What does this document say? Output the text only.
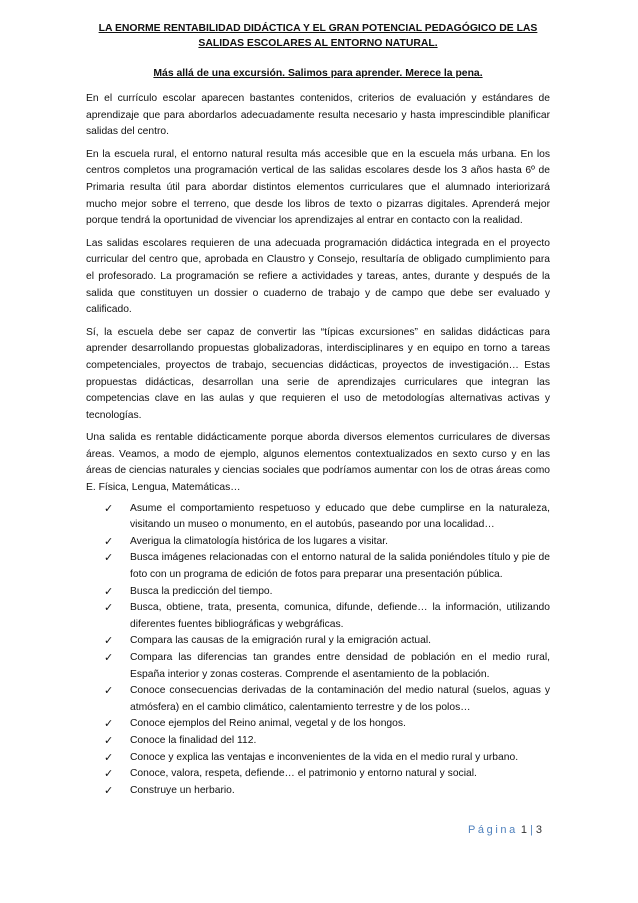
LA ENORME RENTABILIDAD DIDÁCTICA Y EL GRAN POTENCIAL PEDAGÓGICO DE LAS SALIDAS ESCOLARES AL ENTORNO NATURAL.

Más allá de una excursión. Salimos para aprender. Merece la pena.

En el currículo escolar aparecen bastantes contenidos, criterios de evaluación y estándares de aprendizaje que para abordarlos adecuadamente resulta necesario y hasta imprescindible planificar salidas del centro.

En la escuela rural, el entorno natural resulta más accesible que en la escuela más urbana. En los centros completos una programación vertical de las salidas escolares desde los 3 años hasta 6º de Primaria resulta útil para abordar distintos elementos curriculares que el alumnado interiorizará mucho mejor sobre el terreno, que desde los libros de texto o pizarras digitales. Aprenderá mejor porque tendrá la oportunidad de vivenciar los aprendizajes al entrar en contacto con la realidad.

Las salidas escolares requieren de una adecuada programación didáctica integrada en el proyecto curricular del centro que, aprobada en Claustro y Consejo, resultaría de obligado cumplimiento para el profesorado. La programación se refiere a actividades y tareas, antes, durante y después de la salida que constituyen un dossier o cuaderno de trabajo y de campo que debe ser evaluado y calificado.

Sí, la escuela debe ser capaz de convertir las “típicas excursiones” en salidas didácticas para aprender desarrollando propuestas globalizadoras, interdisciplinares y en equipo en torno a tareas competenciales, proyectos de trabajo, secuencias didácticas, proyectos de investigación… Estas propuestas didácticas, desarrollan una serie de aprendizajes curriculares que integran las competencias clave en las aulas y que requieren el uso de metodologías alternativas activas y tecnologías.

Una salida es rentable didácticamente porque aborda diversos elementos curriculares de diversas áreas. Veamos, a modo de ejemplo, algunos elementos contextualizados en sexto curso y en las áreas de ciencias naturales y ciencias sociales que podríamos aumentar con los de otras áreas como E. Física, Lengua, Matemáticas…

✓ Asume el comportamiento respetuoso y educado que debe cumplirse en la naturaleza, visitando un museo o monumento, en el autobús, paseando por una localidad…
✓ Averigua la climatología histórica de los lugares a visitar.
✓ Busca imágenes relacionadas con el entorno natural de la salida poniéndoles título y pie de foto con un programa de edición de fotos para preparar una presentación pública.
✓ Busca la predicción del tiempo.
✓ Busca, obtiene, trata, presenta, comunica, difunde, defiende… la información, utilizando diferentes fuentes bibliográficas y webgráficas.
✓ Compara las causas de la emigración rural y la emigración actual.
✓ Compara las diferencias tan grandes entre densidad de población en el medio rural, España interior y zonas costeras. Comprende el asentamiento de la población.
✓ Conoce consecuencias derivadas de la contaminación del medio natural (suelos, aguas y atmósfera) en el cambio climático, calentamiento terrestre y de los polos…
✓ Conoce ejemplos del Reino animal, vegetal y de los hongos.
✓ Conoce la finalidad del 112.
✓ Conoce y explica las ventajas e inconvenientes de la vida en el medio rural y urbano.
✓ Conoce, valora, respeta, defiende… el patrimonio y entorno natural y social.
✓ Construye un herbario.
Página 1 | 3
